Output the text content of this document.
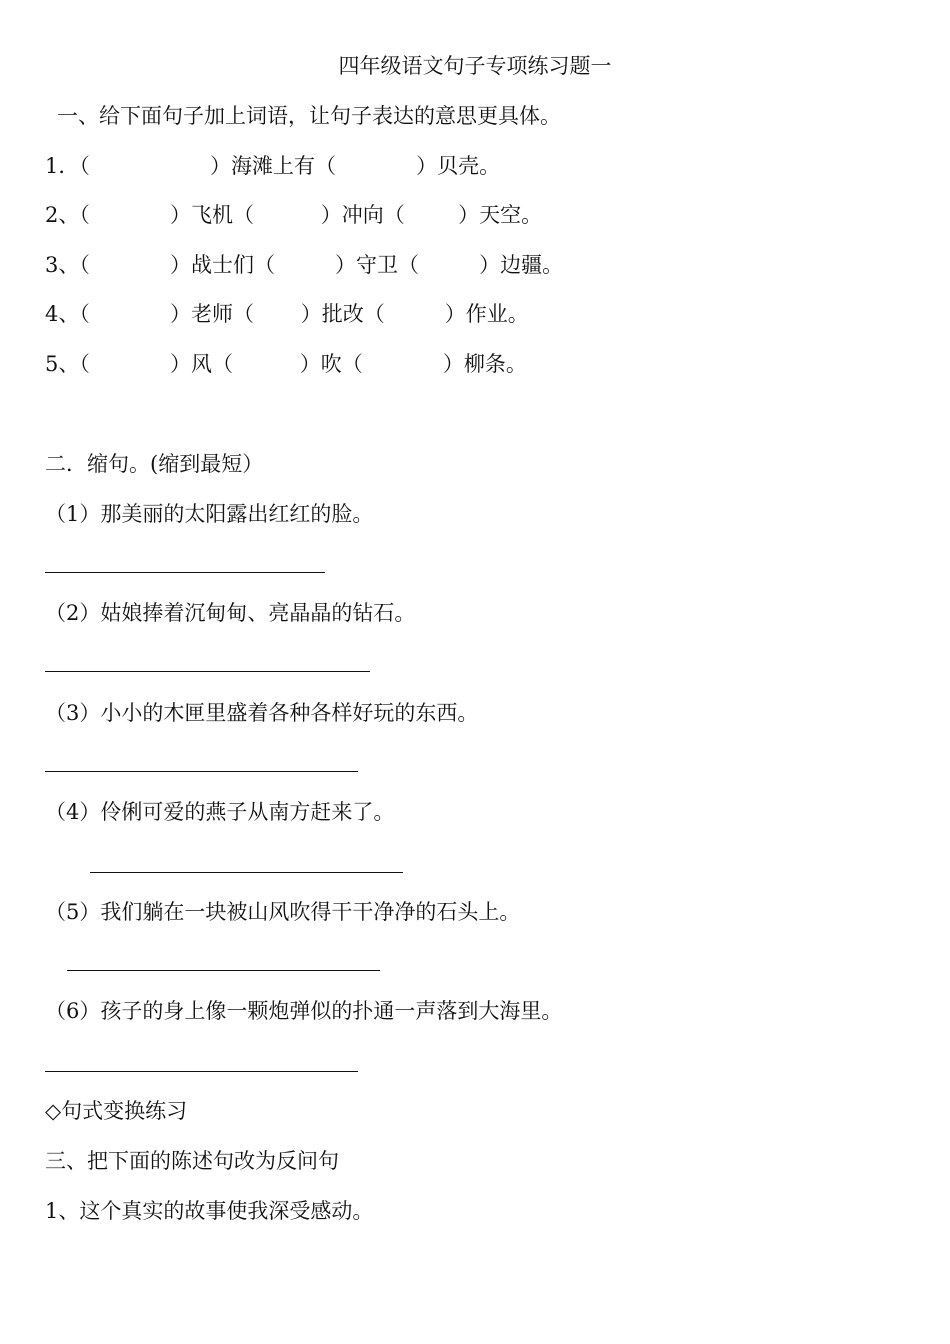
四年级语文句子专项练习题一
一、给下面句子加上词语，让句子表达的意思更具体。
1．（                  ）海滩上有（            ）贝壳。
2、（            ）飞机（          ）冲向（        ）天空。
3、（            ）战士们（         ）守卫（         ）边疆。
4、（            ）老师（       ）批改（         ）作业。
5、（            ）风（          ）吹（            ）柳条。
二．缩句。(缩到最短）
（1）那美丽的太阳露出红红的脸。
（2）姑娘捧着沉甸甸、亮晶晶的钻石。
（3）小小的木匣里盛着各种各样好玩的东西。
（4）伶俐可爱的燕子从南方赶来了。
（5）我们躺在一块被山风吹得干干净净的石头上。
（6）孩子的身上像一颗炮弹似的扑通一声落到大海里。
◇句式变换练习
三、把下面的陈述句改为反问句
1、这个真实的故事使我深受感动。
